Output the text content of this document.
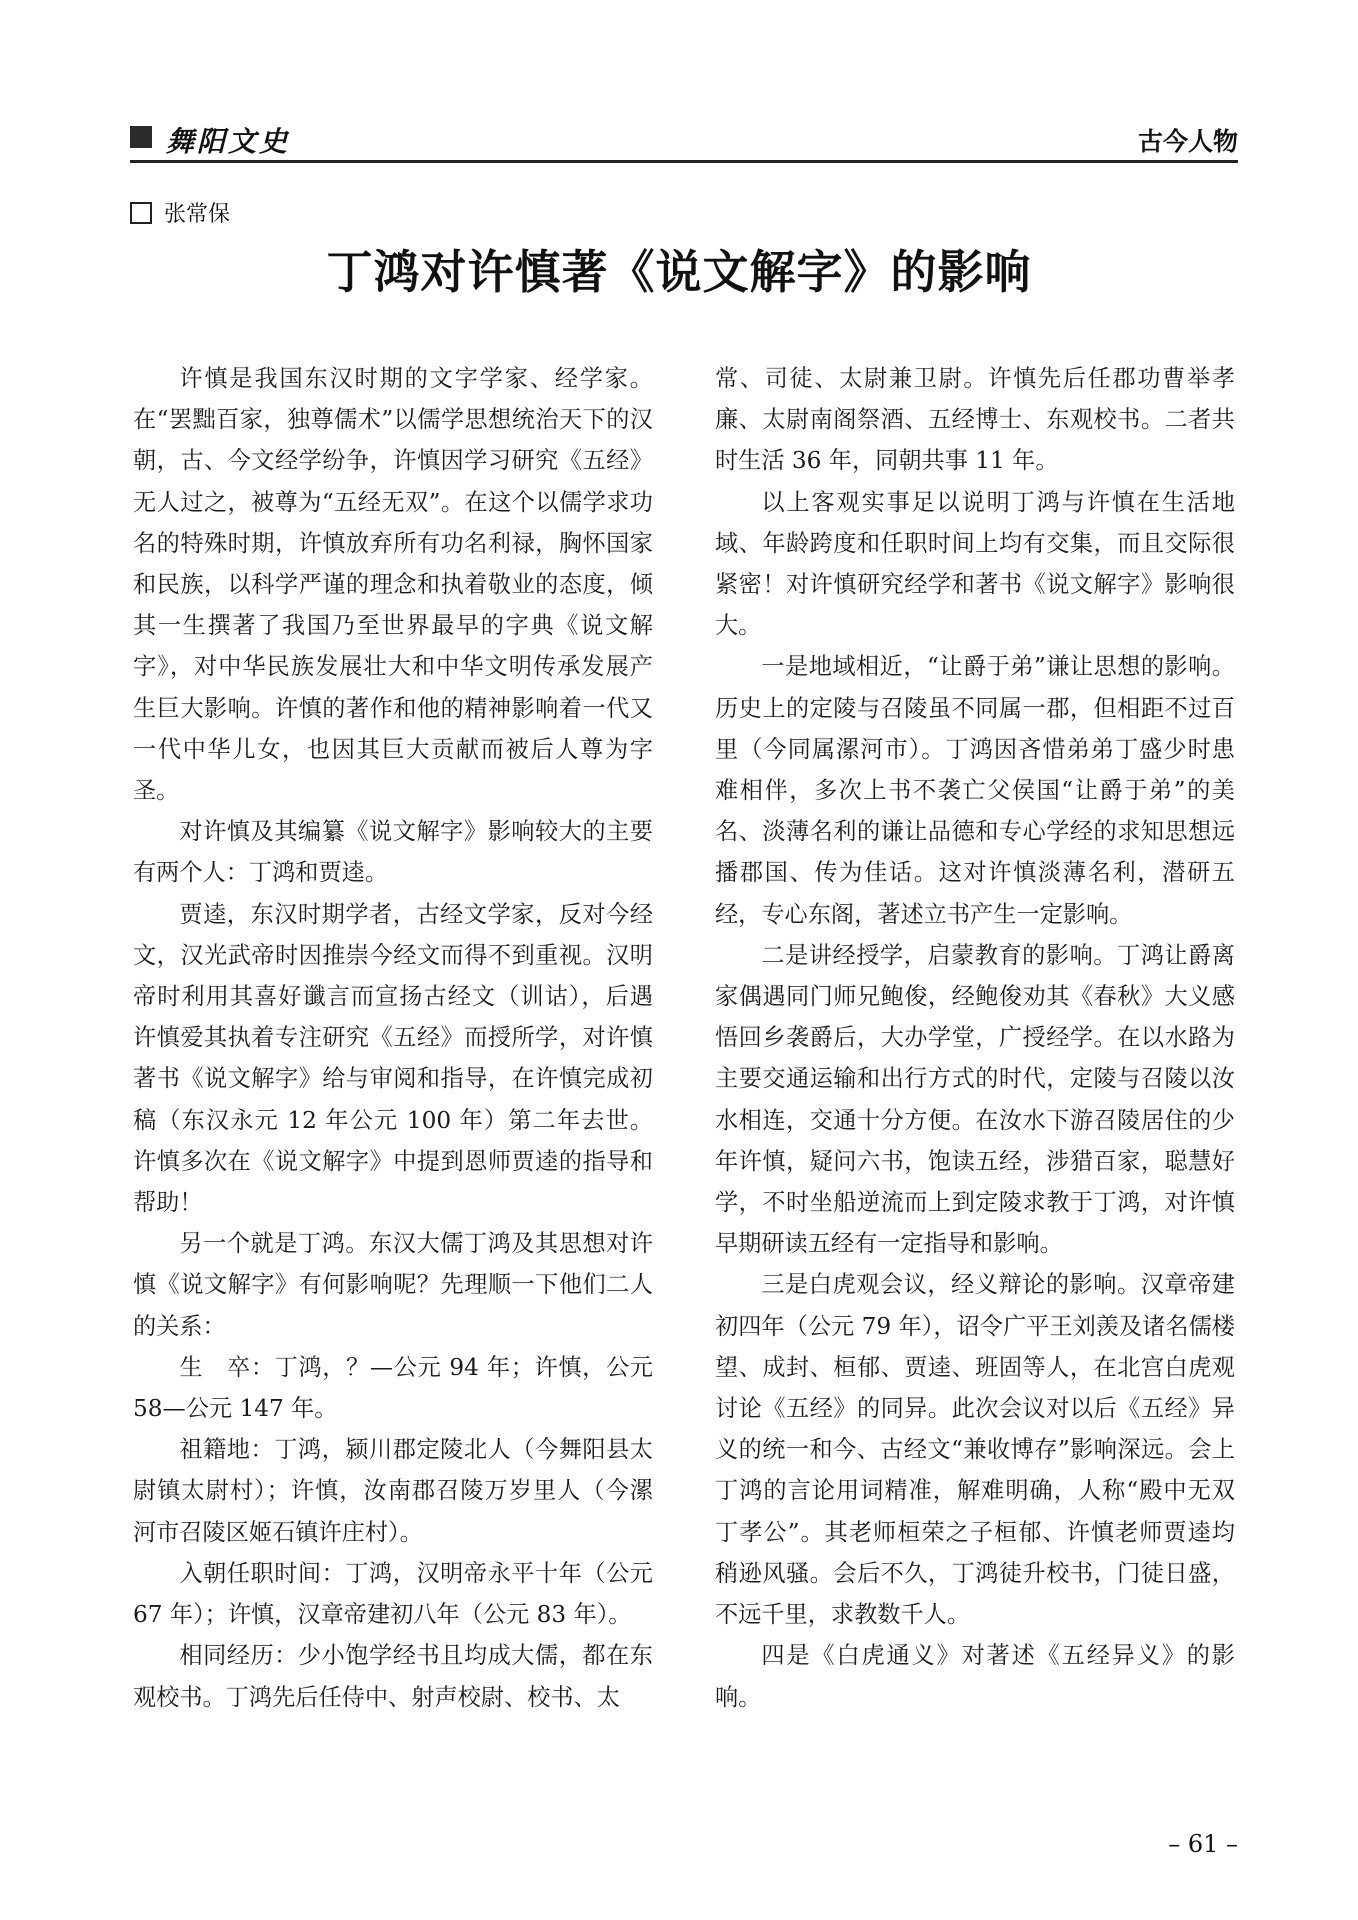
舞阳文史	古今人物
张常保
丁鸿对许慎著《说文解字》的影响

许慎是我国东汉时期的文字学家、经学家。在“罢黜百家，独尊儒术”以儒学思想统治天下的汉朝，古、今文经学纷争，许慎因学习研究《五经》无人过之，被尊为“五经无双”。在这个以儒学求功名的特殊时期，许慎放弃所有功名利禄，胸怀国家和民族，以科学严谨的理念和执着敬业的态度，倾其一生撰著了我国乃至世界最早的字典《说文解字》，对中华民族发展壮大和中华文明传承发展产生巨大影响。许慎的著作和他的精神影响着一代又一代中华儿女，也因其巨大贡献而被后人尊为字圣。

对许慎及其编纂《说文解字》影响较大的主要有两个人：丁鸿和贾逵。

贾逵，东汉时期学者，古经文学家，反对今经文，汉光武帝时因推崇今经文而得不到重视。汉明帝时利用其喜好谶言而宣扬古经文（训诂），后遇许慎爱其执着专注研究《五经》而授所学，对许慎著书《说文解字》给与审阅和指导，在许慎完成初稿（东汉永元 12 年公元 100 年）第二年去世。许慎多次在《说文解字》中提到恩师贾逵的指导和帮助！

另一个就是丁鸿。东汉大儒丁鸿及其思想对许慎《说文解字》有何影响呢？先理顺一下他们二人的关系：

生　卒：丁鸿，？—公元 94 年；许慎，公元 58—公元 147 年。

祖籍地：丁鸿，颍川郡定陵北人（今舞阳县太尉镇太尉村）；许慎，汝南郡召陵万岁里人（今漯河市召陵区姬石镇许庄村）。

入朝任职时间：丁鸿，汉明帝永平十年（公元 67 年）；许慎，汉章帝建初八年（公元 83 年）。

相同经历：少小饱学经书且均成大儒，都在东观校书。丁鸿先后任侍中、射声校尉、校书、太

常、司徒、太尉兼卫尉。许慎先后任郡功曹举孝廉、太尉南阁祭酒、五经博士、东观校书。二者共时生活 36 年，同朝共事 11 年。

以上客观实事足以说明丁鸿与许慎在生活地域、年龄跨度和任职时间上均有交集，而且交际很紧密！对许慎研究经学和著书《说文解字》影响很大。

一是地域相近，“让爵于弟”谦让思想的影响。历史上的定陵与召陵虽不同属一郡，但相距不过百里（今同属漯河市）。丁鸿因吝惜弟弟丁盛少时患难相伴，多次上书不袭亡父侯国“让爵于弟”的美名、淡薄名利的谦让品德和专心学经的求知思想远播郡国、传为佳话。这对许慎淡薄名利，潜研五经，专心东阁，著述立书产生一定影响。

二是讲经授学，启蒙教育的影响。丁鸿让爵离家偶遇同门师兄鲍俊，经鲍俊劝其《春秋》大义感悟回乡袭爵后，大办学堂，广授经学。在以水路为主要交通运输和出行方式的时代，定陵与召陵以汝水相连，交通十分方便。在汝水下游召陵居住的少年许慎，疑问六书，饱读五经，涉猎百家，聪慧好学，不时坐船逆流而上到定陵求教于丁鸿，对许慎早期研读五经有一定指导和影响。

三是白虎观会议，经义辩论的影响。汉章帝建初四年（公元 79 年），诏令广平王刘羡及诸名儒楼望、成封、桓郁、贾逵、班固等人，在北宫白虎观讨论《五经》的同异。此次会议对以后《五经》异义的统一和今、古经文“兼收博存”影响深远。会上丁鸿的言论用词精准，解难明确，人称“殿中无双丁孝公”。其老师桓荣之子桓郁、许慎老师贾逵均稍逊风骚。会后不久，丁鸿徒升校书，门徒日盛，不远千里，求教数千人。

四是《白虎通义》对著述《五经异义》的影响。

– 61 –
